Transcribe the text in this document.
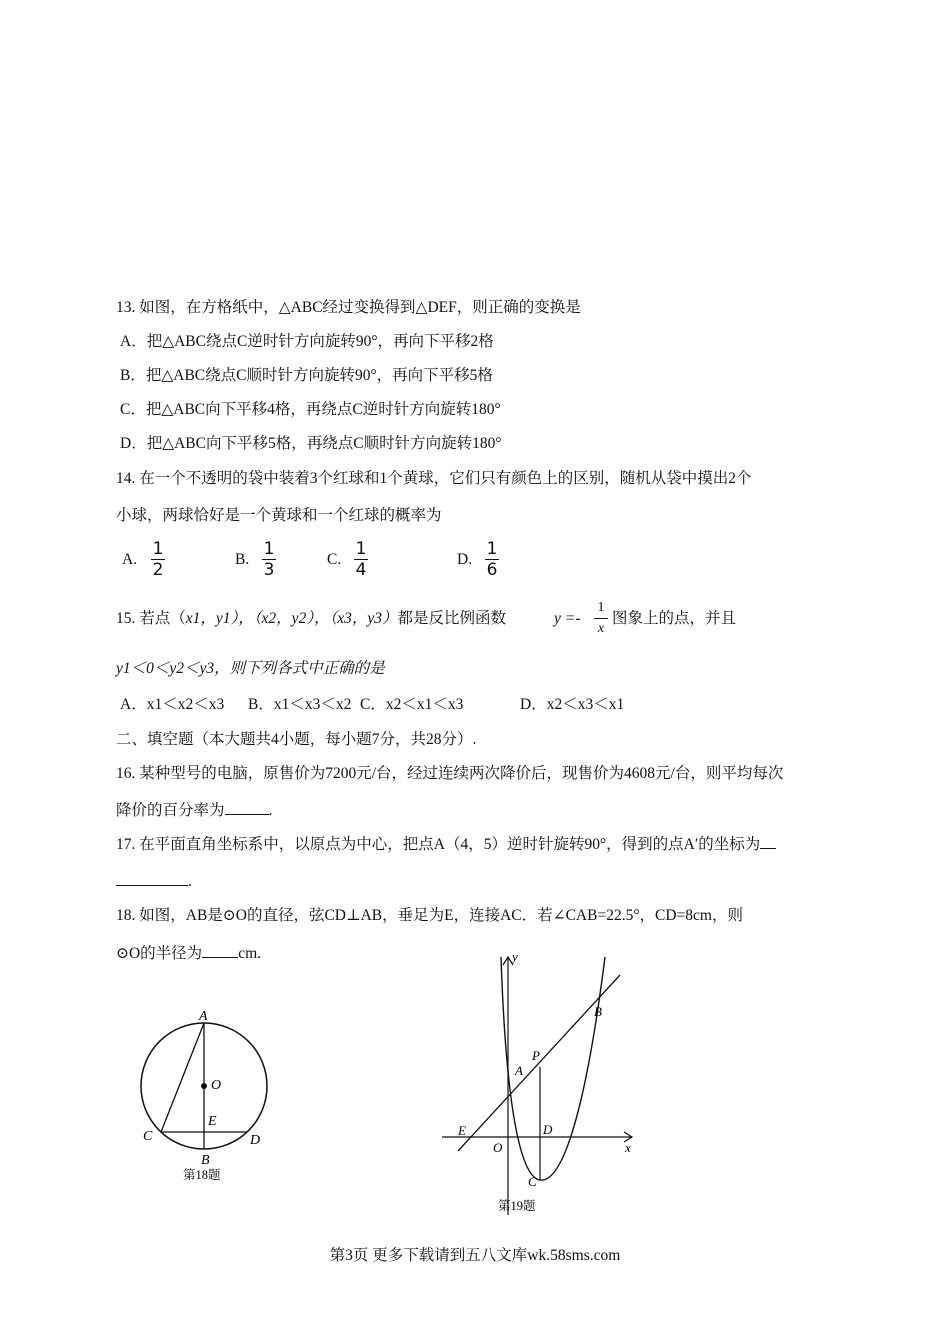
13. 如图，在方格纸中，△ABC经过变换得到△DEF，则正确的变换是
A．把△ABC绕点C逆时针方向旋转90°，再向下平移2格
B．把△ABC绕点C顺时针方向旋转90°，再向下平移5格
C．把△ABC向下平移4格，再绕点C逆时针方向旋转180°
D．把△ABC向下平移5格，再绕点C顺时针方向旋转180°
14. 在一个不透明的袋中装着3个红球和1个黄球，它们只有颜色上的区别，随机从袋中摸出2个
小球，两球恰好是一个黄球和一个红球的概率为
A.
1
2
B.
1
3
C.
1
4
D.
1
6
15. 若点（x1，y1），（x2，y2），（x3，y3）都是反比例函数	y =-
1
x
图象上的点，并且
y1＜0＜y2＜y3，则下列各式中正确的是
A．x1＜x2＜x3 B．x1＜x3＜x2 C．x2＜x1＜x3	D．x2＜x3＜x1
二、填空题（本大题共4小题，每小题7分，共28分）.
16. 某种型号的电脑，原售价为7200元/台，经过连续两次降价后，现售价为4608元/台，则平均每次
降价的百分率为	.
17. 在平面直角坐标系中，以原点为中心，把点A（4，5）逆时针旋转90°，得到的点A′的坐标为
.
18. 如图，AB是⊙O的直径，弦CD⊥AB，垂足为E，连接AC．若∠CAB=22.5°，CD=8cm，则
⊙O的半径为 cm.
A
O
E
C	D
B
第18题
y
x
B
P
A
E
O
D
C
第19题
第3页 更多下载请到五八文库wk.58sms.com
